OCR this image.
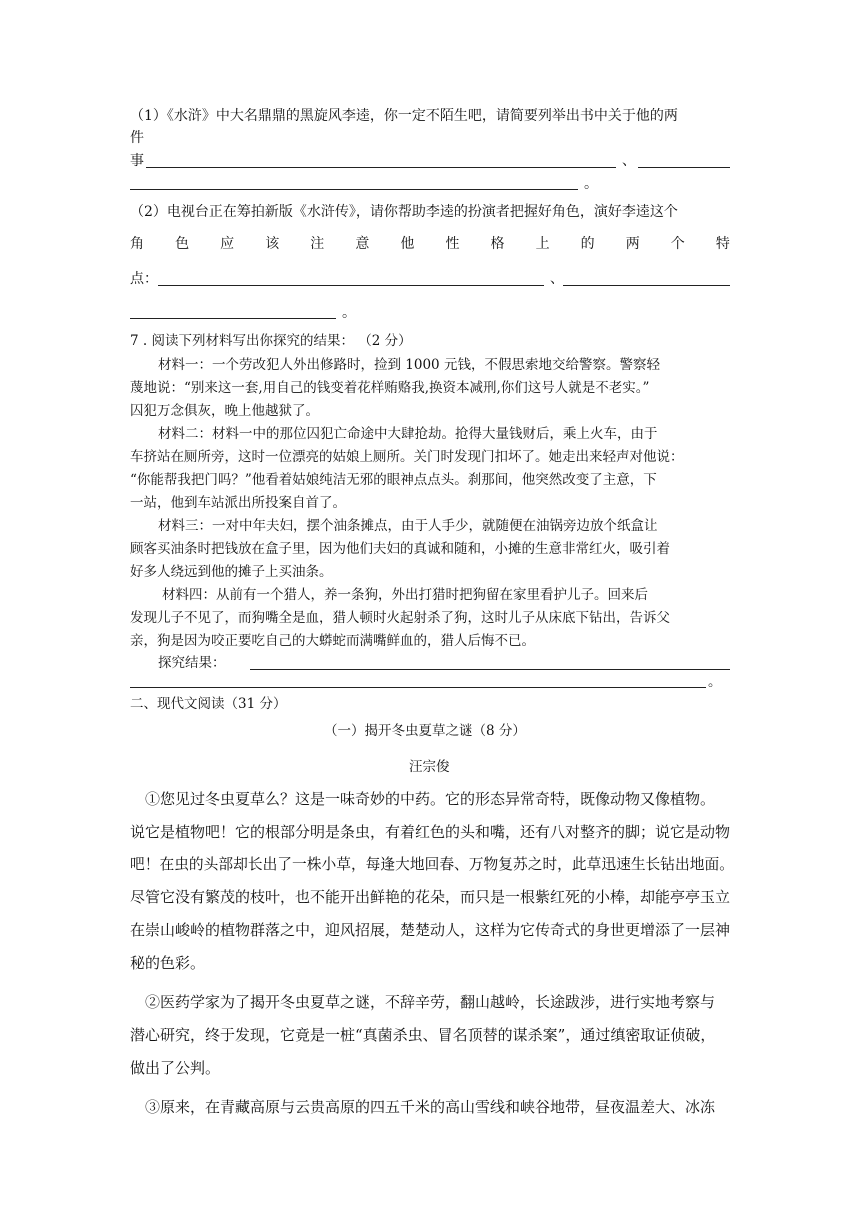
（1）《水浒》中大名鼎鼎的黑旋风李逵，你一定不陌生吧，请简要列举出书中关于他的两
件
事	、
。
（2）电视台正在筹拍新版《水浒传》，请你帮助李逵的扮演者把握好角色，演好李逵这个
角 色 应 该 注 意 他 性 格 上 的 两 个 特
点：	、
。
7 . 阅读下列材料写出你探究的结果： （2 分）
材料一：一个劳改犯人外出修路时，捡到 1000 元钱，不假思索地交给警察。警察轻
蔑地说：“别来这一套,用自己的钱变着花样贿赂我,换资本减刑,你们这号人就是不老实。”
囚犯万念俱灰，晚上他越狱了。
材料二：材料一中的那位囚犯亡命途中大肆抢劫。抢得大量钱财后，乘上火车，由于
车挤站在厕所旁，这时一位漂亮的姑娘上厕所。关门时发现门扣坏了。她走出来轻声对他说：
“你能帮我把门吗？”他看着姑娘纯洁无邪的眼神点点头。刹那间，他突然改变了主意，下
一站，他到车站派出所投案自首了。
材料三：一对中年夫妇，摆个油条摊点，由于人手少，就随便在油锅旁边放个纸盒让
顾客买油条时把钱放在盒子里，因为他们夫妇的真诚和随和，小摊的生意非常红火，吸引着
好多人绕远到他的摊子上买油条。
材料四：从前有一个猎人，养一条狗，外出打猎时把狗留在家里看护儿子。回来后
发现儿子不见了，而狗嘴全是血，猎人顿时火起射杀了狗，这时儿子从床底下钻出，告诉父
亲，狗是因为咬正要吃自己的大蟒蛇而满嘴鲜血的，猎人后悔不已。
探究结果：
。
二、现代文阅读（31 分）
（一）揭开冬虫夏草之谜（8 分）
汪宗俊
①您见过冬虫夏草么？这是一味奇妙的中药。它的形态异常奇特，既像动物又像植物。
说它是植物吧！它的根部分明是条虫，有着红色的头和嘴，还有八对整齐的脚；说它是动物
吧！在虫的头部却长出了一株小草，每逢大地回春、万物复苏之时，此草迅速生长钻出地面。
尽管它没有繁茂的枝叶，也不能开出鲜艳的花朵，而只是一根紫红死的小棒，却能亭亭玉立
在崇山峻岭的植物群落之中，迎风招展，楚楚动人，这样为它传奇式的身世更增添了一层神
秘的色彩。
②医药学家为了揭开冬虫夏草之谜，不辞辛劳，翻山越岭，长途跋涉，进行实地考察与
潜心研究，终于发现，它竟是一桩“真菌杀虫、冒名顶替的谋杀案”，通过缜密取证侦破，
做出了公判。
③原来，在青藏高原与云贵高原的四五千米的高山雪线和峡谷地带，昼夜温差大、冰冻
